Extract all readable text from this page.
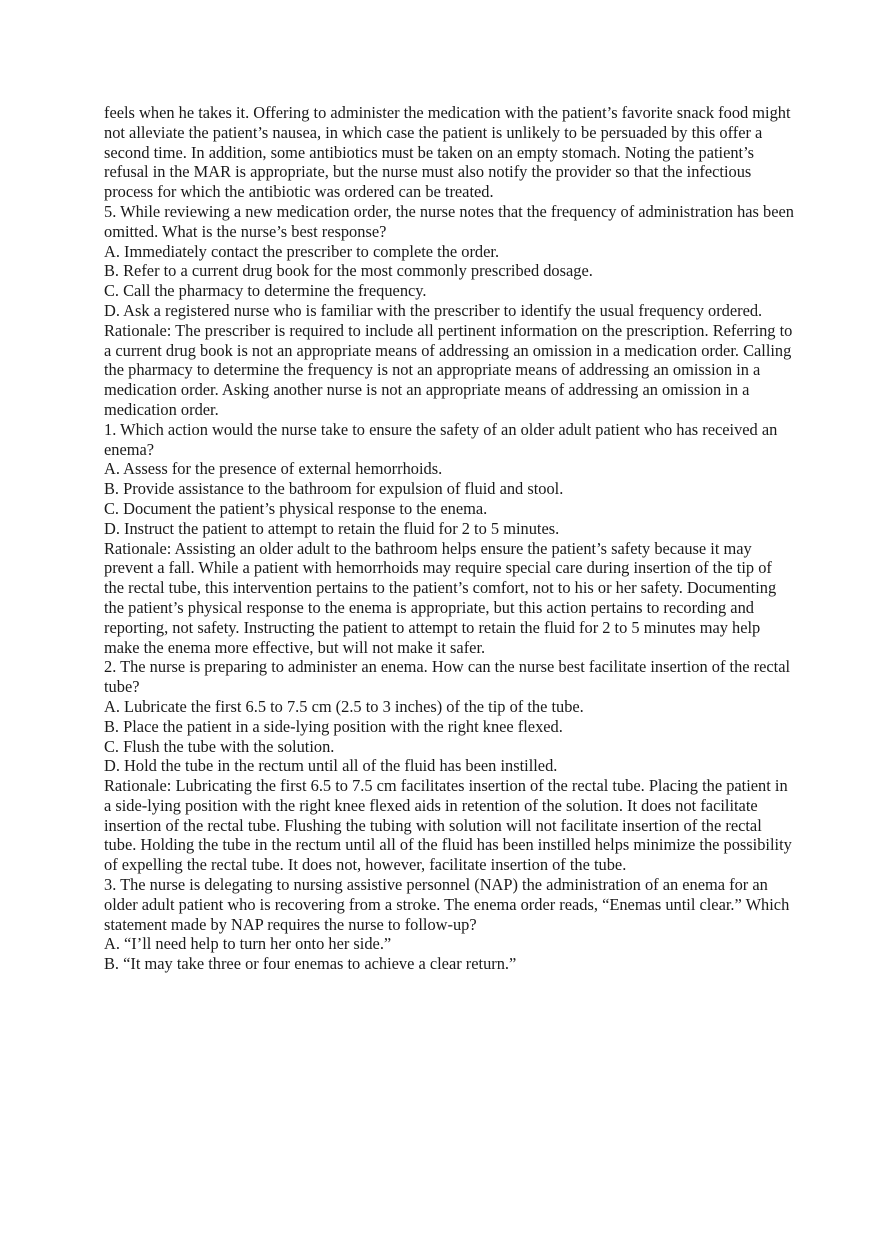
feels when he takes it. Offering to administer the medication with the patient’s favorite snack food might not alleviate the patient’s nausea, in which case the patient is unlikely to be persuaded by this offer a second time. In addition, some antibiotics must be taken on an empty stomach. Noting the patient’s refusal in the MAR is appropriate, but the nurse must also notify the provider so that the infectious process for which the antibiotic was ordered can be treated.

5. While reviewing a new medication order, the nurse notes that the frequency of administration has been omitted. What is the nurse’s best response?

A. Immediately contact the prescriber to complete the order.

B. Refer to a current drug book for the most commonly prescribed dosage.

C. Call the pharmacy to determine the frequency.

D. Ask a registered nurse who is familiar with the prescriber to identify the usual frequency ordered.

Rationale: The prescriber is required to include all pertinent information on the prescription. Referring to a current drug book is not an appropriate means of addressing an omission in a medication order. Calling the pharmacy to determine the frequency is not an appropriate means of addressing an omission in a medication order. Asking another nurse is not an appropriate means of addressing an omission in a medication order.

1. Which action would the nurse take to ensure the safety of an older adult patient who has received an enema?

A. Assess for the presence of external hemorrhoids.

B. Provide assistance to the bathroom for expulsion of fluid and stool.

C. Document the patient’s physical response to the enema.

D. Instruct the patient to attempt to retain the fluid for 2 to 5 minutes.

Rationale: Assisting an older adult to the bathroom helps ensure the patient’s safety because it may prevent a fall. While a patient with hemorrhoids may require special care during insertion of the tip of the rectal tube, this intervention pertains to the patient’s comfort, not to his or her safety. Documenting the patient’s physical response to the enema is appropriate, but this action pertains to recording and reporting, not safety. Instructing the patient to attempt to retain the fluid for 2 to 5 minutes may help make the enema more effective, but will not make it safer.

2. The nurse is preparing to administer an enema. How can the nurse best facilitate insertion of the rectal tube?

A. Lubricate the first 6.5 to 7.5 cm (2.5 to 3 inches) of the tip of the tube.

B. Place the patient in a side-lying position with the right knee flexed.

C. Flush the tube with the solution.

D. Hold the tube in the rectum until all of the fluid has been instilled.

Rationale: Lubricating the first 6.5 to 7.5 cm facilitates insertion of the rectal tube. Placing the patient in a side-lying position with the right knee flexed aids in retention of the solution. It does not facilitate insertion of the rectal tube. Flushing the tubing with solution will not facilitate insertion of the rectal tube. Holding the tube in the rectum until all of the fluid has been instilled helps minimize the possibility of expelling the rectal tube. It does not, however, facilitate insertion of the tube.

3. The nurse is delegating to nursing assistive personnel (NAP) the administration of an enema for an older adult patient who is recovering from a stroke. The enema order reads, “Enemas until clear.” Which statement made by NAP requires the nurse to follow-up?

A. “I’ll need help to turn her onto her side.”

B. “It may take three or four enemas to achieve a clear return.”
